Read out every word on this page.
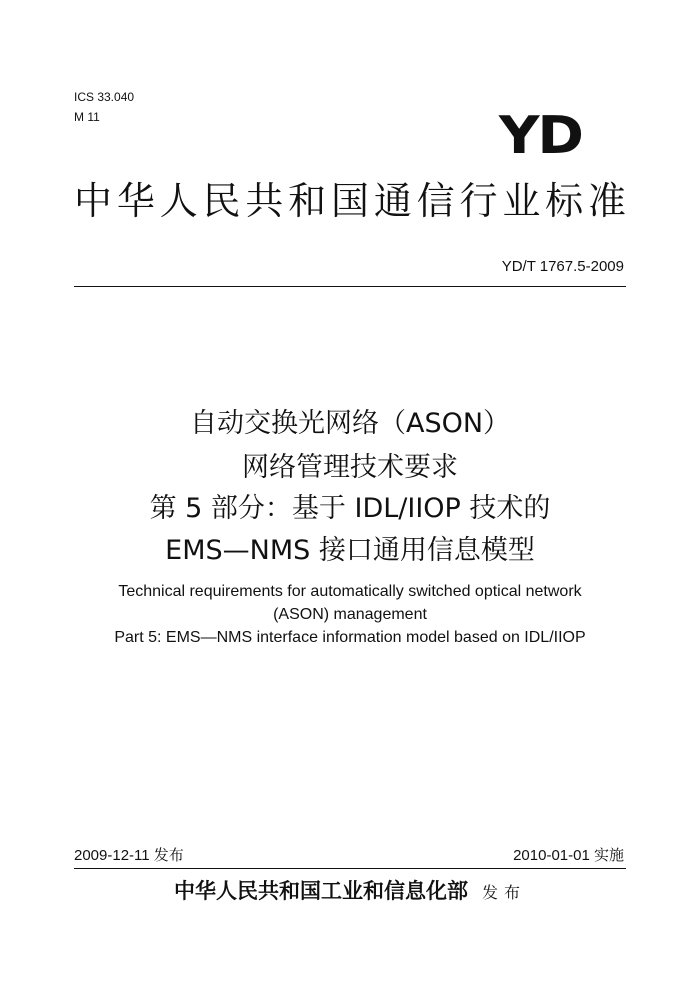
ICS 33.040
M 11	YD
中华人民共和国通信行业标准
YD/T 1767.5-2009
自动交换光网络（ASON）
网络管理技术要求
第 5 部分：基于 IDL/IIOP 技术的
EMS—NMS 接口通用信息模型
Technical requirements for automatically switched optical network
(ASON) management
Part 5: EMS—NMS interface information model based on IDL/IIOP
2009-12-11 发布	2010-01-01 实施
中华人民共和国工业和信息化部 发布
